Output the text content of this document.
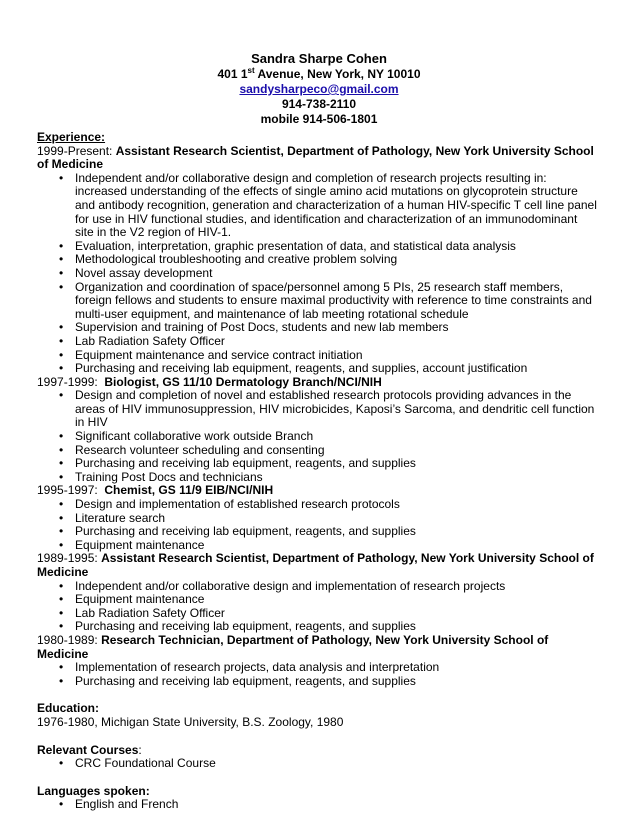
Sandra Sharpe Cohen
401 1st Avenue, New York, NY 10010
sandysharpeco@gmail.com
914-738-2110
mobile 914-506-1801
Experience:
1999-Present: Assistant Research Scientist, Department of Pathology, New York University School of Medicine
• Independent and/or collaborative design and completion of research projects resulting in: increased understanding of the effects of single amino acid mutations on glycoprotein structure and antibody recognition, generation and characterization of a human HIV-specific T cell line panel for use in HIV functional studies, and identification and characterization of an immunodominant site in the V2 region of HIV-1.
• Evaluation, interpretation, graphic presentation of data, and statistical data analysis
• Methodological troubleshooting and creative problem solving
• Novel assay development
• Organization and coordination of space/personnel among 5 PIs, 25 research staff members, foreign fellows and students to ensure maximal productivity with reference to time constraints and multi-user equipment, and maintenance of lab meeting rotational schedule
• Supervision and training of Post Docs, students and new lab members
• Lab Radiation Safety Officer
• Equipment maintenance and service contract initiation
• Purchasing and receiving lab equipment, reagents, and supplies, account justification
1997-1999:  Biologist, GS 11/10 Dermatology Branch/NCI/NIH
• Design and completion of novel and established research protocols providing advances in the areas of HIV immunosuppression, HIV microbicides, Kaposi’s Sarcoma, and dendritic cell function in HIV
• Significant collaborative work outside Branch
• Research volunteer scheduling and consenting
• Purchasing and receiving lab equipment, reagents, and supplies
• Training Post Docs and technicians
1995-1997:  Chemist, GS 11/9 EIB/NCI/NIH
• Design and implementation of established research protocols
• Literature search
• Purchasing and receiving lab equipment, reagents, and supplies
• Equipment maintenance
1989-1995: Assistant Research Scientist, Department of Pathology, New York University School of Medicine
• Independent and/or collaborative design and implementation of research projects
• Equipment maintenance
• Lab Radiation Safety Officer
• Purchasing and receiving lab equipment, reagents, and supplies
1980-1989: Research Technician, Department of Pathology, New York University School of Medicine
• Implementation of research projects, data analysis and interpretation
• Purchasing and receiving lab equipment, reagents, and supplies
Education:
1976-1980, Michigan State University, B.S. Zoology, 1980
Relevant Courses:
• CRC Foundational Course
Languages spoken:
• English and French
